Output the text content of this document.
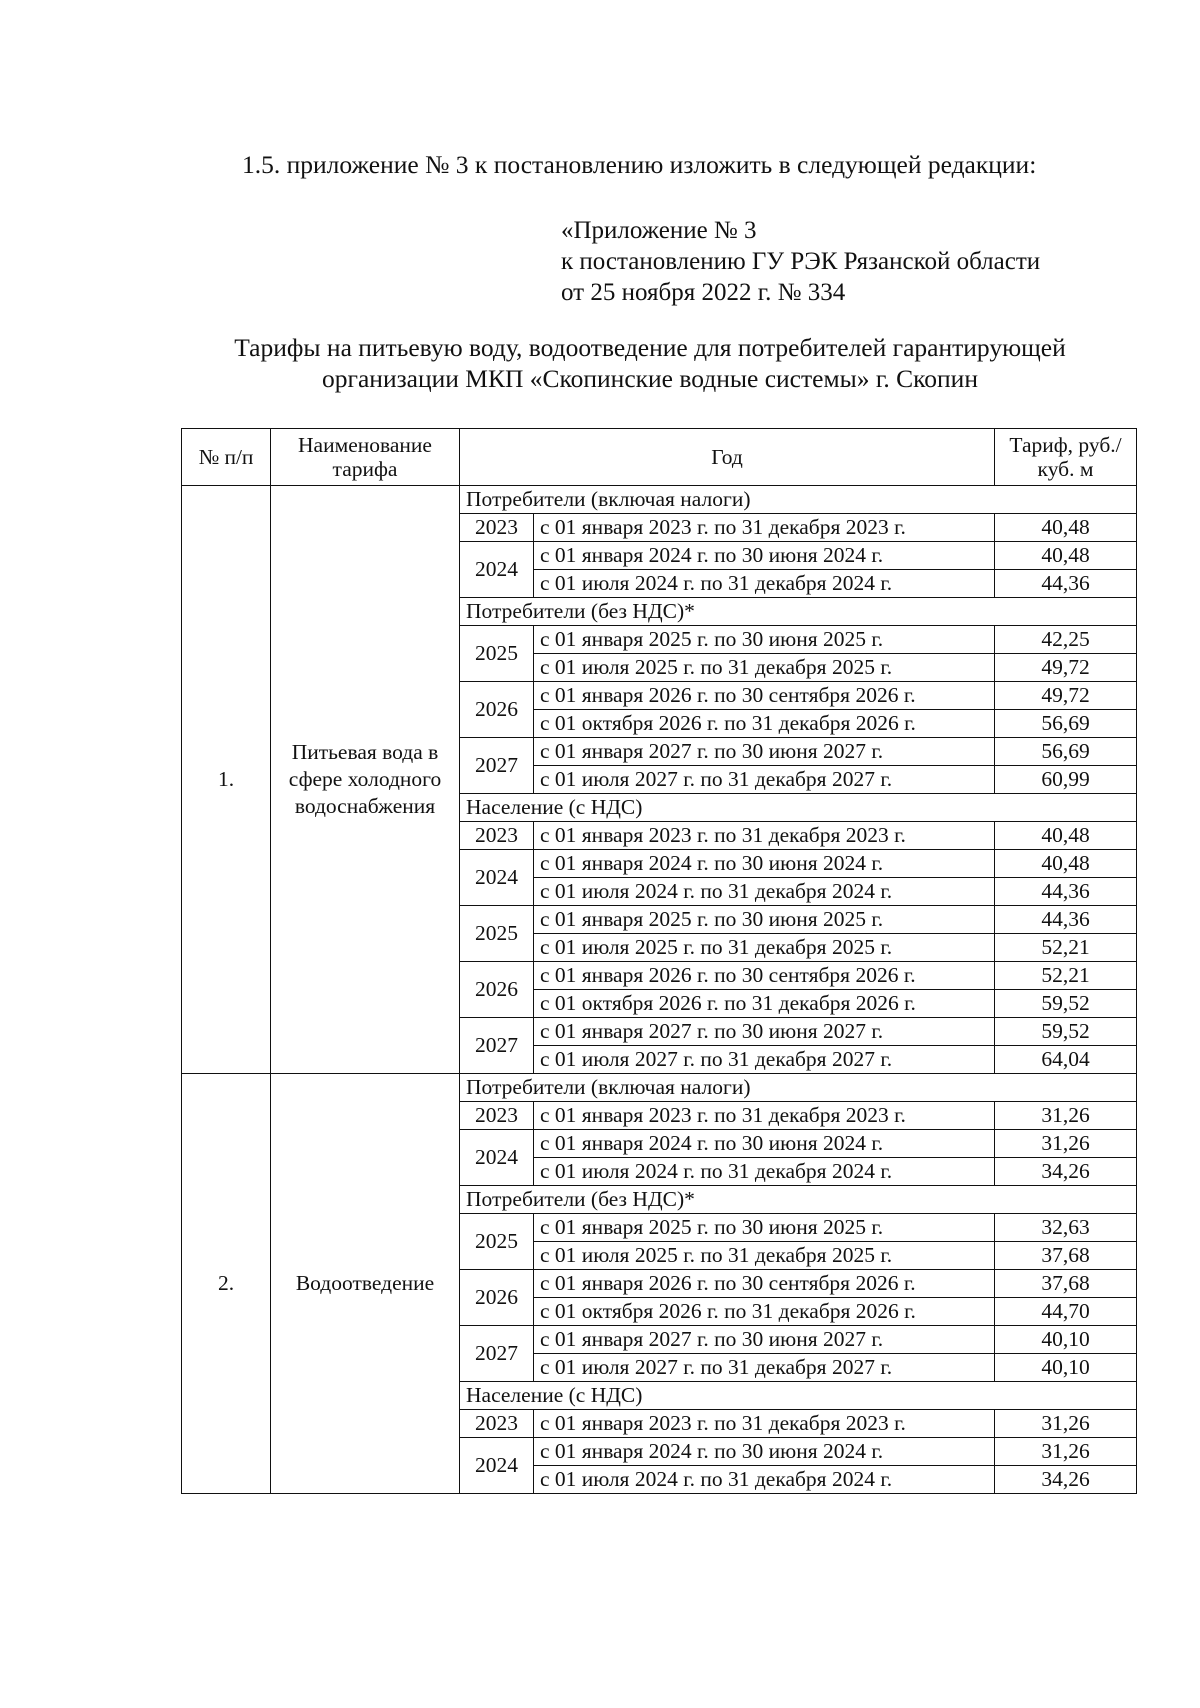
1.5. приложение № 3 к постановлению изложить в следующей редакции:
«Приложение № 3
к постановлению ГУ РЭК Рязанской области
от 25 ноября 2022 г. № 334
Тарифы на питьевую воду, водоотведение для потребителей гарантирующей
организации МКП «Скопинские водные системы» г. Скопин
№ п/п	Наименование тарифа	Год		Тариф, руб./куб. м
1.	Питьевая вода в сфере холодного водоснабжения	Потребители (включая налоги)		
		2023	с 01 января 2023 г. по 31 декабря 2023 г.	40,48
		2024	с 01 января 2024 г. по 30 июня 2024 г.	40,48
			с 01 июля 2024 г. по 31 декабря 2024 г.	44,36
		Потребители (без НДС)*		
		2025	с 01 января 2025 г. по 30 июня 2025 г.	42,25
			с 01 июля 2025 г. по 31 декабря 2025 г.	49,72
		2026	с 01 января 2026 г. по 30 сентября 2026 г.	49,72
			с 01 октября 2026 г. по 31 декабря 2026 г.	56,69
		2027	с 01 января 2027 г. по 30 июня 2027 г.	56,69
			с 01 июля 2027 г. по 31 декабря 2027 г.	60,99
		Население (с НДС)		
		2023	с 01 января 2023 г. по 31 декабря 2023 г.	40,48
		2024	с 01 января 2024 г. по 30 июня 2024 г.	40,48
			с 01 июля 2024 г. по 31 декабря 2024 г.	44,36
		2025	с 01 января 2025 г. по 30 июня 2025 г.	44,36
			с 01 июля 2025 г. по 31 декабря 2025 г.	52,21
		2026	с 01 января 2026 г. по 30 сентября 2026 г.	52,21
			с 01 октября 2026 г. по 31 декабря 2026 г.	59,52
		2027	с 01 января 2027 г. по 30 июня 2027 г.	59,52
			с 01 июля 2027 г. по 31 декабря 2027 г.	64,04
2.	Водоотведение	Потребители (включая налоги)		
		2023	с 01 января 2023 г. по 31 декабря 2023 г.	31,26
		2024	с 01 января 2024 г. по 30 июня 2024 г.	31,26
			с 01 июля 2024 г. по 31 декабря 2024 г.	34,26
		Потребители (без НДС)*		
		2025	с 01 января 2025 г. по 30 июня 2025 г.	32,63
			с 01 июля 2025 г. по 31 декабря 2025 г.	37,68
		2026	с 01 января 2026 г. по 30 сентября 2026 г.	37,68
			с 01 октября 2026 г. по 31 декабря 2026 г.	44,70
		2027	с 01 января 2027 г. по 30 июня 2027 г.	40,10
			с 01 июля 2027 г. по 31 декабря 2027 г.	40,10
		Население (с НДС)		
		2023	с 01 января 2023 г. по 31 декабря 2023 г.	31,26
		2024	с 01 января 2024 г. по 30 июня 2024 г.	31,26
			с 01 июля 2024 г. по 31 декабря 2024 г.	34,26
